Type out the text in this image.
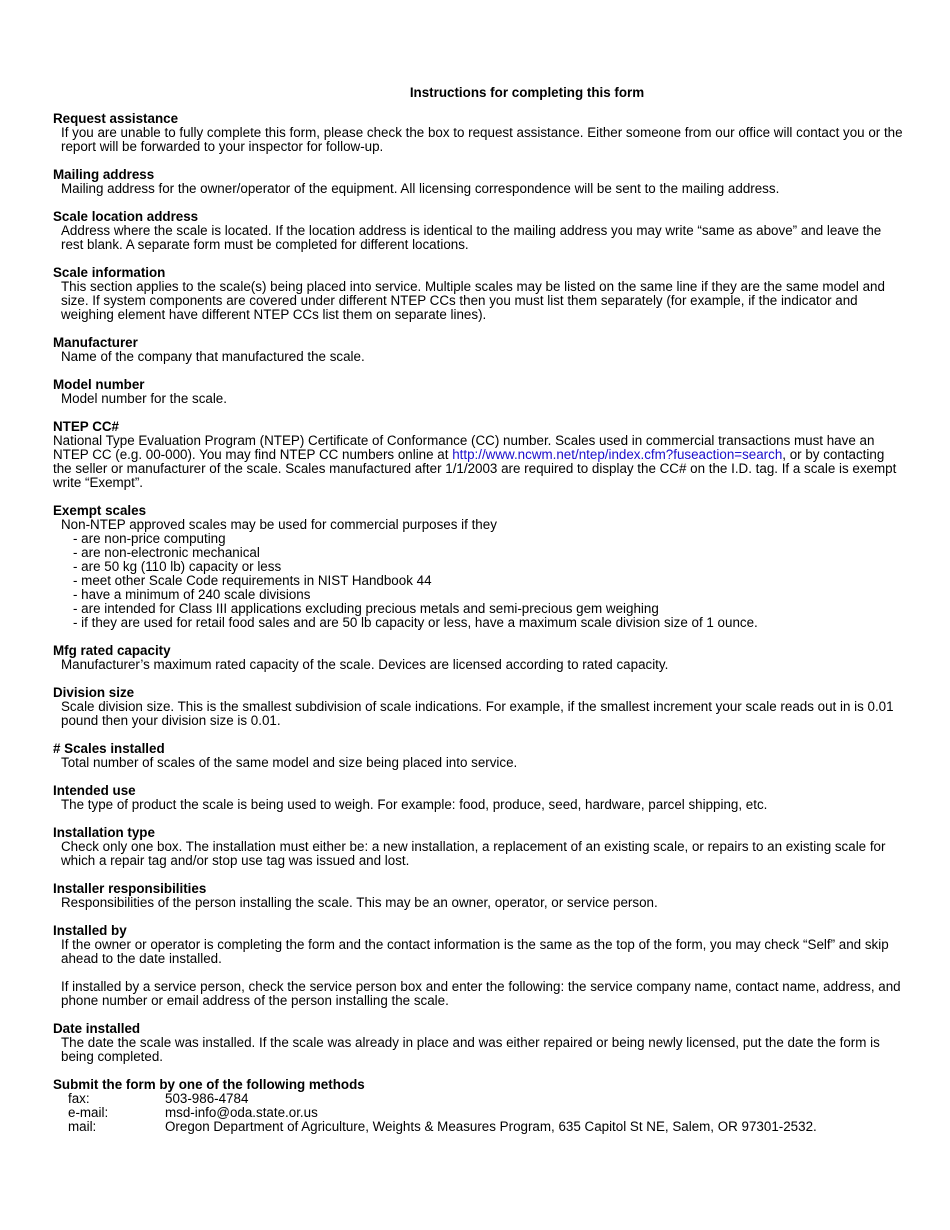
Instructions for completing this form
Request assistance
If you are unable to fully complete this form, please check the box to request assistance. Either someone from our office will contact you or the report will be forwarded to your inspector for follow-up.
Mailing address
Mailing address for the owner/operator of the equipment. All licensing correspondence will be sent to the mailing address.
Scale location address
Address where the scale is located. If the location address is identical to the mailing address you may write “same as above” and leave the rest blank. A separate form must be completed for different locations.
Scale information
This section applies to the scale(s) being placed into service. Multiple scales may be listed on the same line if they are the same model and size. If system components are covered under different NTEP CCs then you must list them separately (for example, if the indicator and weighing element have different NTEP CCs list them on separate lines).
Manufacturer
Name of the company that manufactured the scale.
Model number
Model number for the scale.
NTEP CC#
National Type Evaluation Program (NTEP) Certificate of Conformance (CC) number. Scales used in commercial transactions must have an NTEP CC (e.g. 00-000). You may find NTEP CC numbers online at http://www.ncwm.net/ntep/index.cfm?fuseaction=search, or by contacting the seller or manufacturer of the scale. Scales manufactured after 1/1/2003 are required to display the CC# on the I.D. tag. If a scale is exempt write “Exempt”.
Exempt scales
Non-NTEP approved scales may be used for commercial purposes if they
- are non-price computing
- are non-electronic mechanical
- are 50 kg (110 lb) capacity or less
- meet other Scale Code requirements in NIST Handbook 44
- have a minimum of 240 scale divisions
- are intended for Class III applications excluding precious metals and semi-precious gem weighing
- if they are used for retail food sales and are 50 lb capacity or less, have a maximum scale division size of 1 ounce.
Mfg rated capacity
Manufacturer’s maximum rated capacity of the scale. Devices are licensed according to rated capacity.
Division size
Scale division size. This is the smallest subdivision of scale indications. For example, if the smallest increment your scale reads out in is 0.01 pound then your division size is 0.01.
# Scales installed
Total number of scales of the same model and size being placed into service.
Intended use
The type of product the scale is being used to weigh. For example: food, produce, seed, hardware, parcel shipping, etc.
Installation type
Check only one box. The installation must either be: a new installation, a replacement of an existing scale, or repairs to an existing scale for which a repair tag and/or stop use tag was issued and lost.
Installer responsibilities
Responsibilities of the person installing the scale. This may be an owner, operator, or service person.
Installed by
If the owner or operator is completing the form and the contact information is the same as the top of the form, you may check “Self” and skip ahead to the date installed.
If installed by a service person, check the service person box and enter the following: the service company name, contact name, address, and phone number or email address of the person installing the scale.
Date installed
The date the scale was installed. If the scale was already in place and was either repaired or being newly licensed, put the date the form is being completed.
Submit the form by one of the following methods
fax:	503-986-4784
e-mail:	msd-info@oda.state.or.us
mail:	Oregon Department of Agriculture, Weights & Measures Program, 635 Capitol St NE, Salem, OR 97301-2532.
